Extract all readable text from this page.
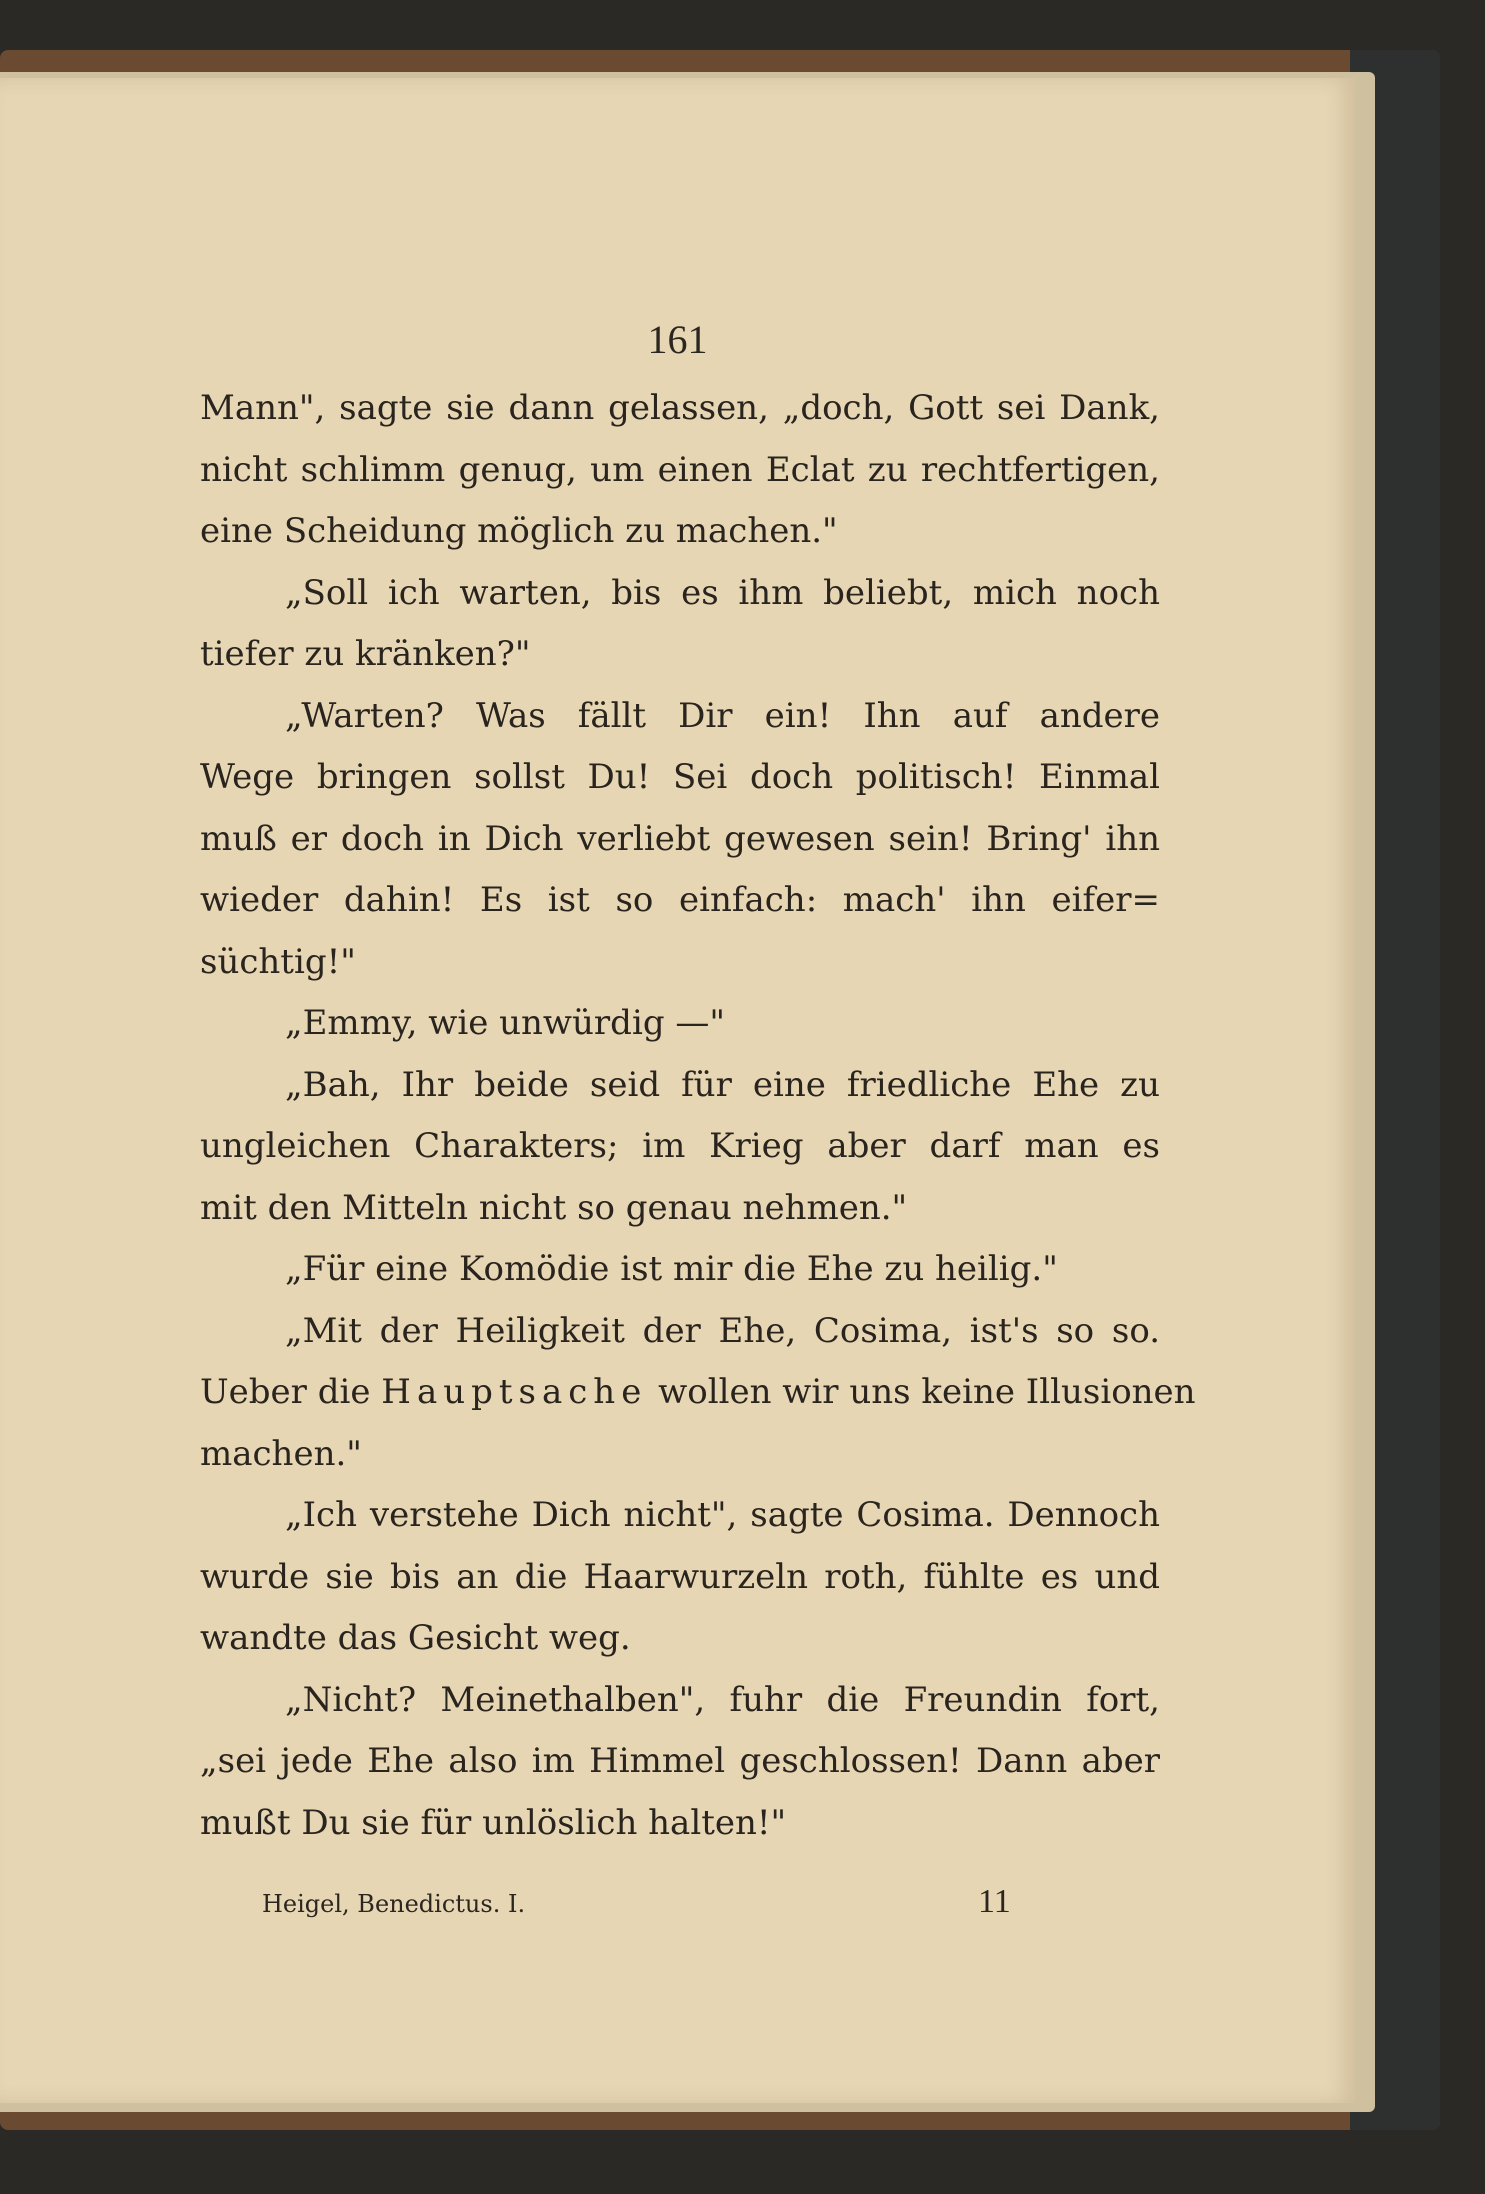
161
Mann", sagte sie dann gelassen, „doch, Gott sei Dank,
nicht schlimm genug, um einen Eclat zu rechtfertigen,
eine Scheidung möglich zu machen."
„Soll ich warten, bis es ihm beliebt, mich noch
tiefer zu kränken?"
„Warten? Was fällt Dir ein! Ihn auf andere
Wege bringen sollst Du! Sei doch politisch! Einmal
muß er doch in Dich verliebt gewesen sein! Bring' ihn
wieder dahin! Es ist so einfach: mach' ihn eifer=
süchtig!"
„Emmy, wie unwürdig —"
„Bah, Ihr beide seid für eine friedliche Ehe zu
ungleichen Charakters; im Krieg aber darf man es
mit den Mitteln nicht so genau nehmen."
„Für eine Komödie ist mir die Ehe zu heilig."
„Mit der Heiligkeit der Ehe, Cosima, ist's so so.
Ueber die Hauptsache wollen wir uns keine Illusionen
machen."
„Ich verstehe Dich nicht", sagte Cosima. Dennoch
wurde sie bis an die Haarwurzeln roth, fühlte es und
wandte das Gesicht weg.
„Nicht? Meinethalben", fuhr die Freundin fort,
„sei jede Ehe also im Himmel geschlossen! Dann aber
mußt Du sie für unlöslich halten!"
Heigel, Benedictus. I.	11
